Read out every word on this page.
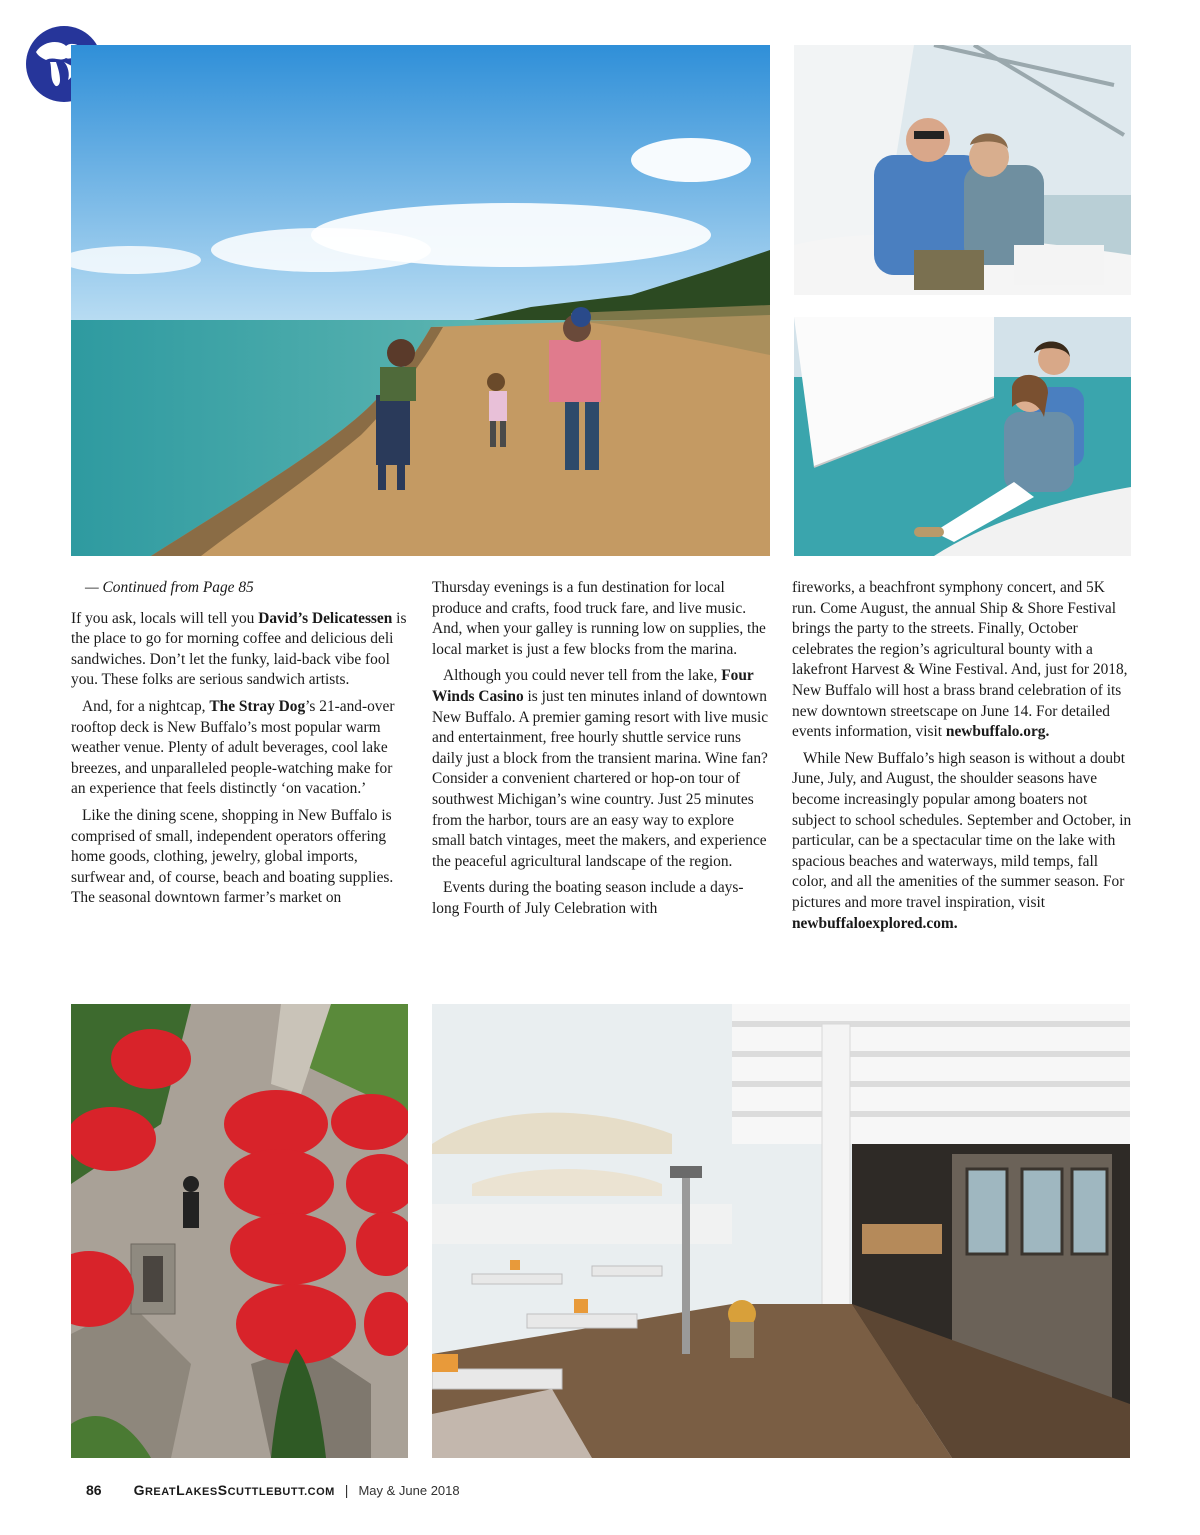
— Continued from Page 85

If you ask, locals will tell you David’s Delicatessen is the place to go for morning coffee and delicious deli sandwiches. Don’t let the funky, laid-back vibe fool you. These folks are serious sandwich artists.

And, for a nightcap, The Stray Dog’s 21-and-over rooftop deck is New Buffalo’s most popular warm weather venue. Plenty of adult beverages, cool lake breezes, and unparalleled people-watching make for an experience that feels distinctly ‘on vacation.’

Like the dining scene, shopping in New Buffalo is comprised of small, independent operators offering home goods, clothing, jewelry, global imports, surfwear and, of course, beach and boating supplies. The seasonal downtown farmer’s market on

Thursday evenings is a fun destination for local produce and crafts, food truck fare, and live music. And, when your galley is running low on supplies, the local market is just a few blocks from the marina.

Although you could never tell from the lake, Four Winds Casino is just ten minutes inland of downtown New Buffalo. A premier gaming resort with live music and entertainment, free hourly shuttle service runs daily just a block from the transient marina. Wine fan? Consider a convenient chartered or hop-on tour of southwest Michigan’s wine country. Just 25 minutes from the harbor, tours are an easy way to explore small batch vintages, meet the makers, and experience the peaceful agricultural landscape of the region.

Events during the boating season include a days-long Fourth of July Celebration with

fireworks, a beachfront symphony concert, and 5K run. Come August, the annual Ship & Shore Festival brings the party to the streets. Finally, October celebrates the region’s agricultural bounty with a lakefront Harvest & Wine Festival. And, just for 2018, New Buffalo will host a brass brand celebration of its new downtown streetscape on June 14. For detailed events information, visit newbuffalo.org.

While New Buffalo’s high season is without a doubt June, July, and August, the shoulder seasons have become increasingly popular among boaters not subject to school schedules. September and October, in particular, can be a spectacular time on the lake with spacious beaches and waterways, mild temps, fall color, and all the amenities of the summer season. For pictures and more travel inspiration, visit newbuffaloexplored.com.

86 GREATLAKESSCUTTLEBUTT.COM | May & June 2018
